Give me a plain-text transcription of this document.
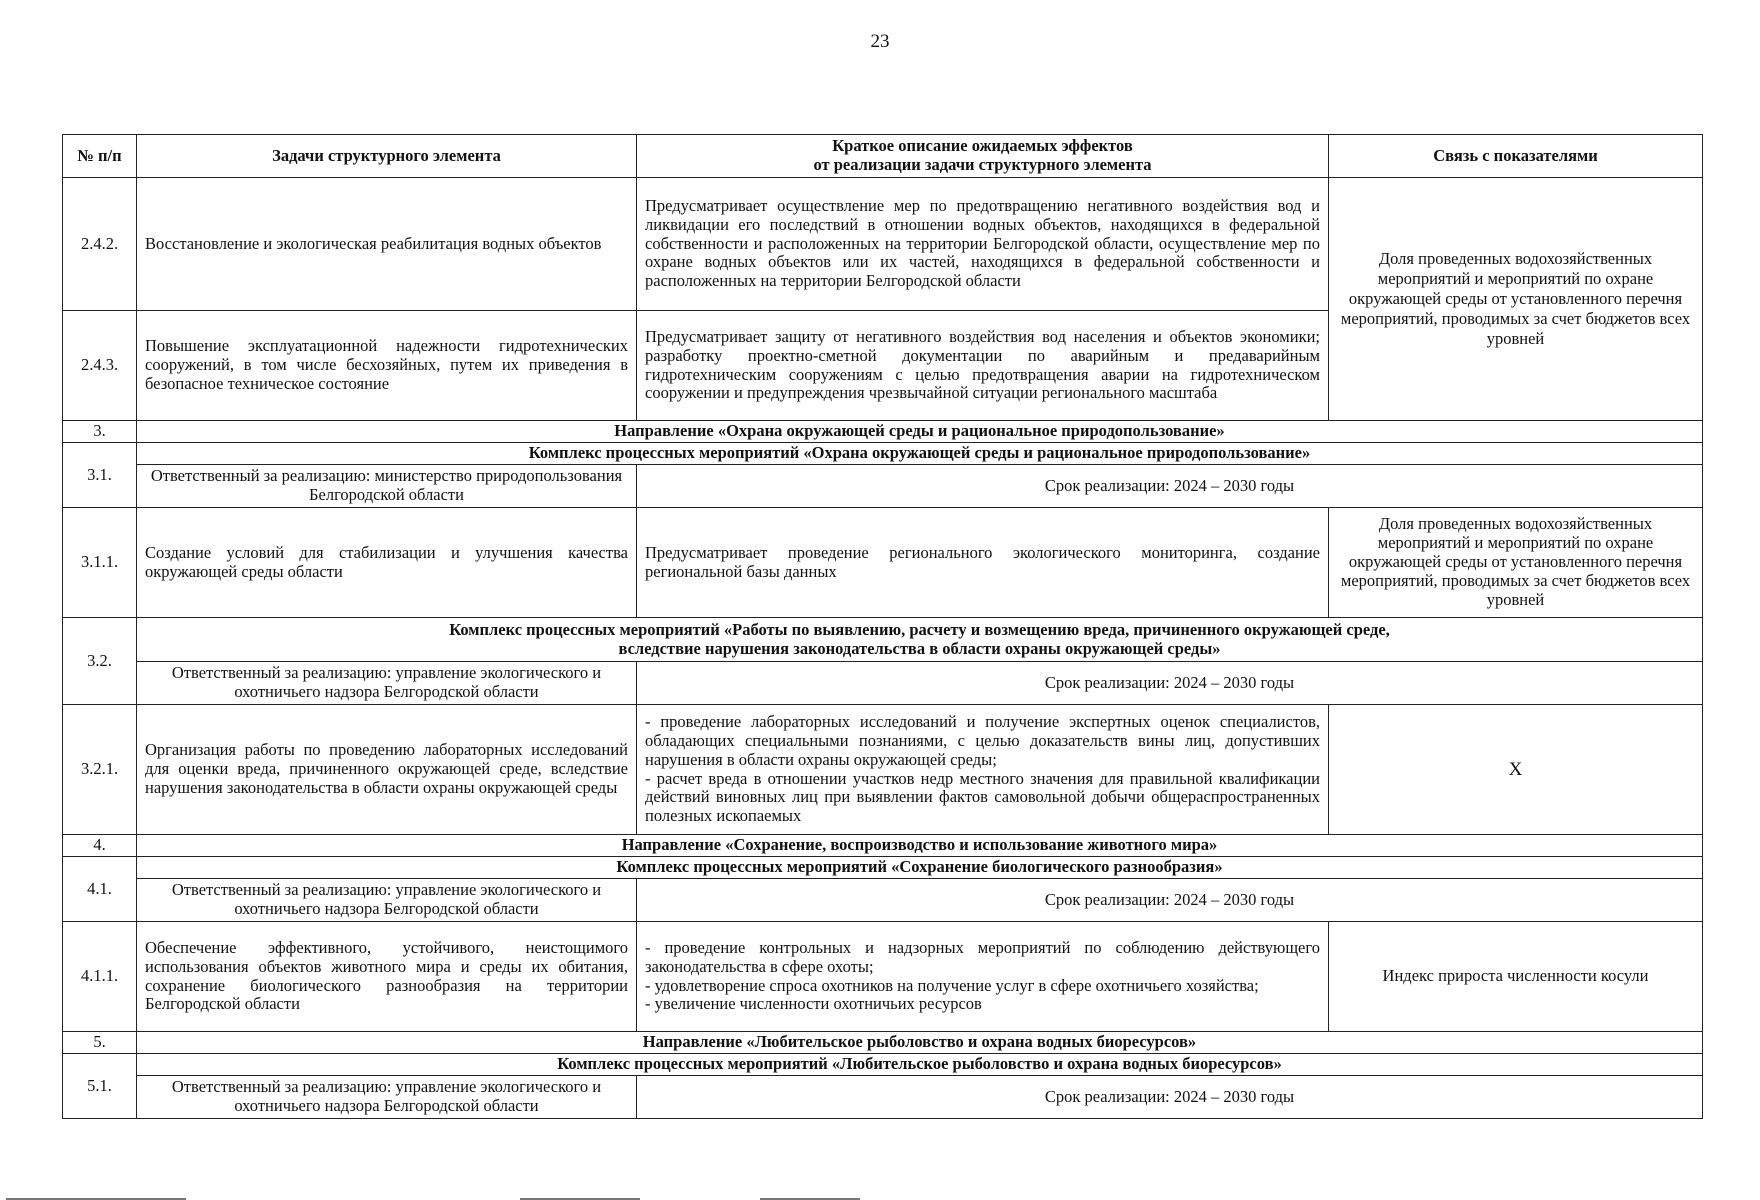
23
№ п/п	Задачи структурного элемента	Краткое описание ожидаемых эффектов
от реализации задачи структурного элемента	Связь с показателями
2.4.2.	Восстановление и экологическая реабилитация водных объектов	Предусматривает осуществление мер по предотвращению негативного воздействия вод и ликвидации его последствий в отношении водных объектов, находящихся в федеральной собственности и расположенных на территории Белгородской области, осуществление мер по охране водных объектов или их частей, находящихся в федеральной собственности и расположенных на территории Белгородской области	Доля проведенных водохозяйственных мероприятий и мероприятий по охране окружающей среды от установленного перечня мероприятий, проводимых за счет бюджетов всех уровней
2.4.3.	Повышение эксплуатационной надежности гидротехнических сооружений, в том числе бесхозяйных, путем их приведения в безопасное техническое состояние	Предусматривает защиту от негативного воздействия вод населения и объектов экономики; разработку проектно-сметной документации по аварийным и предаварийным гидротехническим сооружениям с целью предотвращения аварии на гидротехническом сооружении и предупреждения чрезвычайной ситуации регионального масштаба	
3.	Направление «Охрана окружающей среды и рациональное природопользование»		
3.1.	Комплекс процессных мероприятий «Охрана окружающей среды и рациональное природопользование»		
	Ответственный за реализацию: министерство природопользования Белгородской области	Срок реализации: 2024 – 2030 годы	
3.1.1.	Создание условий для стабилизации и улучшения качества окружающей среды области	Предусматривает проведение регионального экологического мониторинга, создание региональной базы данных	Доля проведенных водохозяйственных мероприятий и мероприятий по охране окружающей среды от установленного перечня мероприятий, проводимых за счет бюджетов всех уровней
3.2.	Комплекс процессных мероприятий «Работы по выявлению, расчету и возмещению вреда, причиненного окружающей среде,
вследствие нарушения законодательства в области охраны окружающей среды»		
	Ответственный за реализацию: управление экологического и охотничьего надзора Белгородской области	Срок реализации: 2024 – 2030 годы	
3.2.1.	Организация работы по проведению лабораторных исследований для оценки вреда, причиненного окружающей среде, вследствие нарушения законодательства в области охраны окружающей среды	- проведение лабораторных исследований и получение экспертных оценок специалистов, обладающих специальными познаниями, с целью доказательств вины лиц, допустивших нарушения в области охраны окружающей среды;

- расчет вреда в отношении участков недр местного значения для правильной квалификации действий виновных лиц при выявлении фактов самовольной добычи общераспространенных полезных ископаемых	X
4.	Направление «Сохранение, воспроизводство и использование животного мира»		
4.1.	Комплекс процессных мероприятий «Сохранение биологического разнообразия»		
	Ответственный за реализацию: управление экологического и охотничьего надзора Белгородской области	Срок реализации: 2024 – 2030 годы	
4.1.1.	Обеспечение эффективного, устойчивого, неистощимого использования объектов животного мира и среды их обитания, сохранение биологического разнообразия на территории Белгородской области	- проведение контрольных и надзорных мероприятий по соблюдению действующего законодательства в сфере охоты;

- удовлетворение спроса охотников на получение услуг в сфере охотничьего хозяйства;

- увеличение численности охотничьих ресурсов	Индекс прироста численности косули
5.	Направление «Любительское рыболовство и охрана водных биоресурсов»		
5.1.	Комплекс процессных мероприятий «Любительское рыболовство и охрана водных биоресурсов»		
	Ответственный за реализацию: управление экологического и охотничьего надзора Белгородской области	Срок реализации: 2024 – 2030 годы	
